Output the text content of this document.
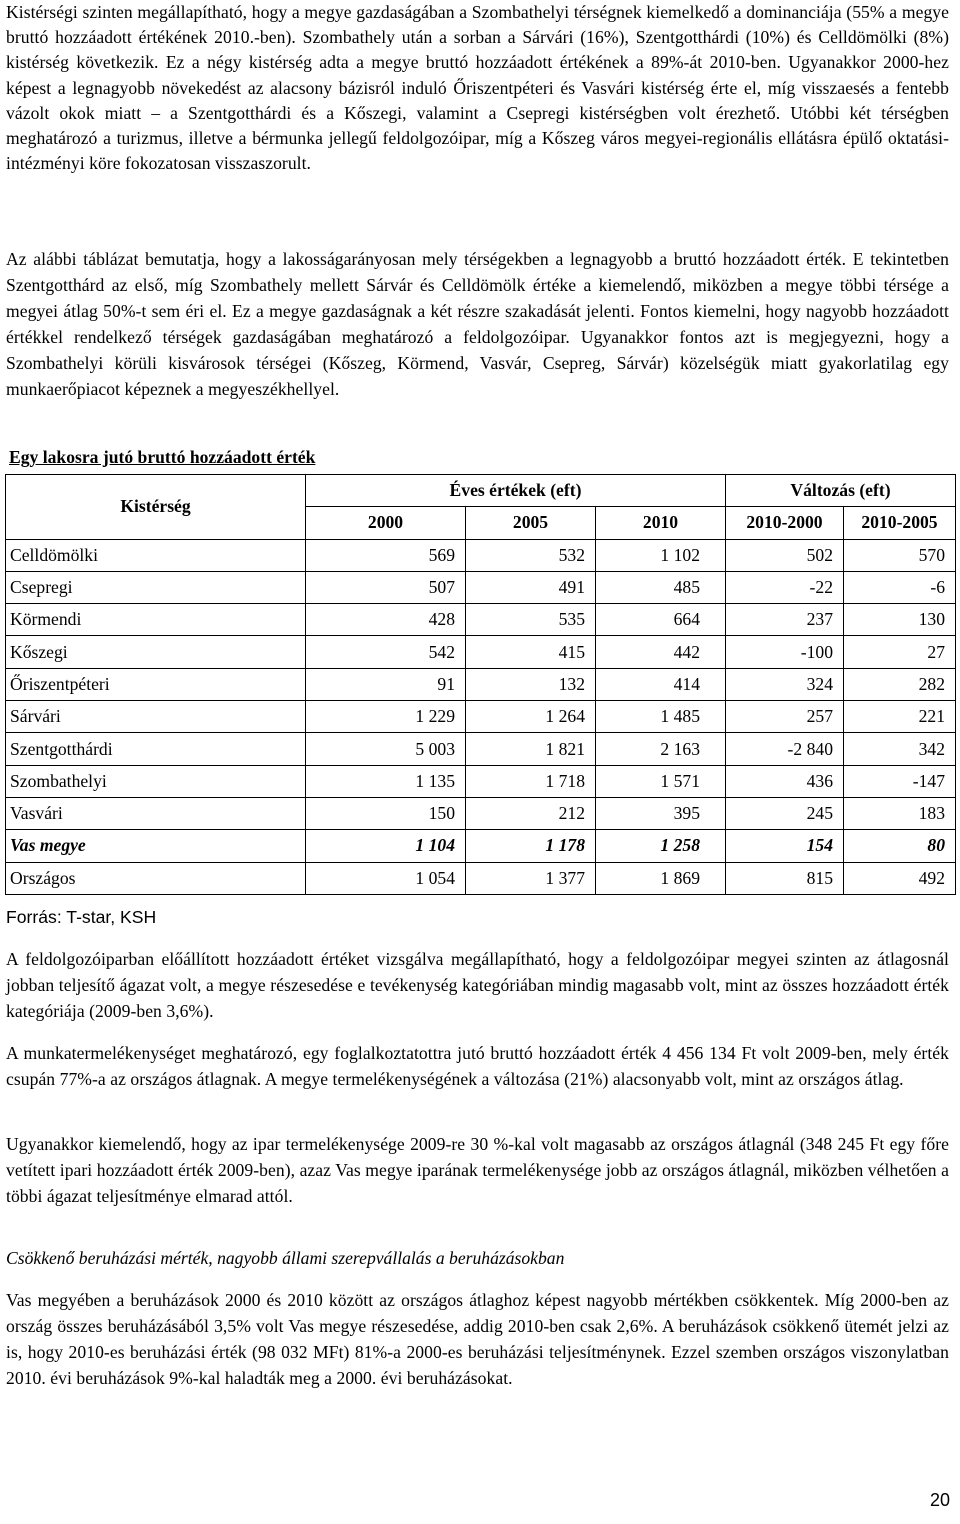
Kistérségi szinten megállapítható, hogy a megye gazdaságában a Szombathelyi térségnek kiemelkedő a dominanciája (55% a megye bruttó hozzáadott értékének 2010.-ben). Szombathely után a sorban a Sárvári (16%), Szentgotthárdi (10%) és Celldömölki (8%) kistérség következik. Ez a négy kistérség adta a megye bruttó hozzáadott értékének a 89%-át 2010-ben. Ugyanakkor 2000-hez képest a legnagyobb növekedést az alacsony bázisról induló Őriszentpéteri és Vasvári kistérség érte el, míg visszaesés a fentebb vázolt okok miatt – a Szentgotthárdi és a Kőszegi, valamint a Csepregi kistérségben volt érezhető. Utóbbi két térségben meghatározó a turizmus, illetve a bérmunka jellegű feldolgozóipar, míg a Kőszeg város megyei-regionális ellátásra épülő oktatási-intézményi köre fokozatosan visszaszorult.

Az alábbi táblázat bemutatja, hogy a lakosságarányosan mely térségekben a legnagyobb a bruttó hozzáadott érték. E tekintetben Szentgotthárd az első, míg Szombathely mellett Sárvár és Celldömölk értéke a kiemelendő, miközben a megye többi térsége a megyei átlag 50%-t sem éri el. Ez a megye gazdaságnak a két részre szakadását jelenti. Fontos kiemelni, hogy nagyobb hozzáadott értékkel rendelkező térségek gazdaságában meghatározó a feldolgozóipar. Ugyanakkor fontos azt is megjegyezni, hogy a Szombathelyi körüli kisvárosok térségei (Kőszeg, Körmend, Vasvár, Csepreg, Sárvár) közelségük miatt gyakorlatilag egy munkaerőpiacot képeznek a megyeszékhellyel.

Egy lakosra jutó bruttó hozzáadott érték
Kistérség	Éves értékek (eft)			Változás (eft)	
	2000	2005	2010	2010-2000	2010-2005
Celldömölki	569	532	1 102	502	570
Csepregi	507	491	485	-22	-6
Körmendi	428	535	664	237	130
Kőszegi	542	415	442	-100	27
Őriszentpéteri	91	132	414	324	282
Sárvári	1 229	1 264	1 485	257	221
Szentgotthárdi	5 003	1 821	2 163	-2 840	342
Szombathelyi	1 135	1 718	1 571	436	-147
Vasvári	150	212	395	245	183
Vas megye	1 104	1 178	1 258	154	80
Országos	1 054	1 377	1 869	815	492
Forrás: T-star, KSH

A feldolgozóiparban előállított hozzáadott értéket vizsgálva megállapítható, hogy a feldolgozóipar megyei szinten az átlagosnál jobban teljesítő ágazat volt, a megye részesedése e tevékenység kategóriában mindig magasabb volt, mint az összes hozzáadott érték kategóriája (2009-ben 3,6%).

A munkatermelékenységet meghatározó, egy foglalkoztatottra jutó bruttó hozzáadott érték 4 456 134 Ft volt 2009-ben, mely érték csupán 77%-a az országos átlagnak. A megye termelékenységének a változása (21%) alacsonyabb volt, mint az országos átlag.

Ugyanakkor kiemelendő, hogy az ipar termelékenysége 2009-re 30 %-kal volt magasabb az országos átlagnál (348 245 Ft egy főre vetített ipari hozzáadott érték 2009-ben), azaz Vas megye iparának termelékenysége jobb az országos átlagnál, miközben vélhetően a többi ágazat teljesítménye elmarad attól.

Csökkenő beruházási mérték, nagyobb állami szerepvállalás a beruházásokban

Vas megyében a beruházások 2000 és 2010 között az országos átlaghoz képest nagyobb mértékben csökkentek. Míg 2000-ben az ország összes beruházásából 3,5% volt Vas megye részesedése, addig 2010-ben csak 2,6%. A beruházások csökkenő ütemét jelzi az is, hogy 2010-es beruházási érték (98 032 MFt) 81%-a 2000-es beruházási teljesítménynek. Ezzel szemben országos viszonylatban 2010. évi beruházások 9%-kal haladták meg a 2000. évi beruházásokat.

20
